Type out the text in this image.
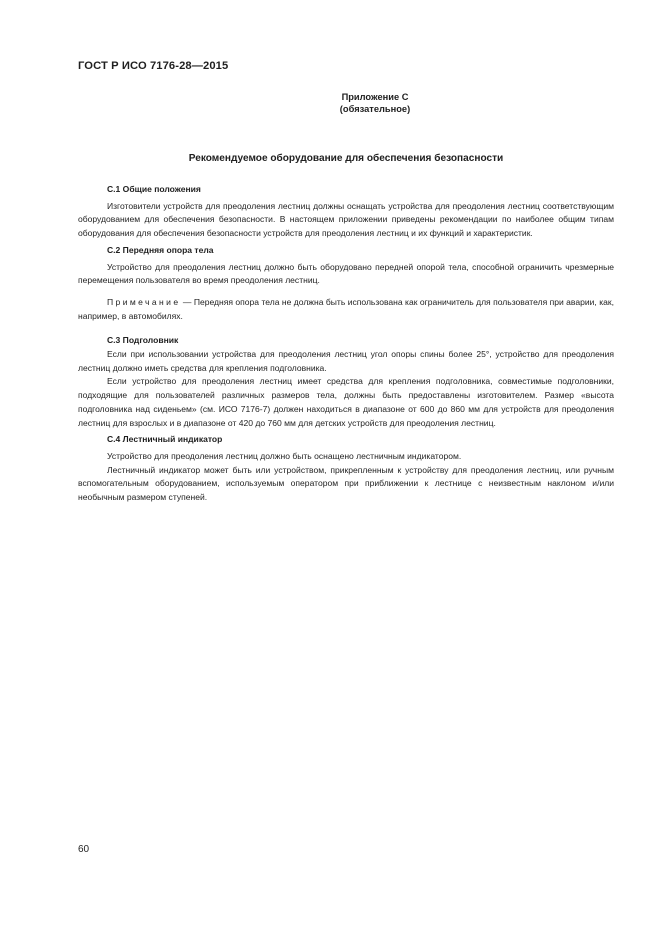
ГОСТ Р ИСО 7176-28—2015
Приложение С
(обязательное)
Рекомендуемое оборудование для обеспечения безопасности
С.1 Общие положения

Изготовители устройств для преодоления лестниц должны оснащать устройства для преодоления лестниц соответствующим оборудованием для обеспечения безопасности. В настоящем приложении приведены рекомендации по наиболее общим типам оборудования для обеспечения безопасности устройств для преодоления лестниц и их функций и характеристик.

С.2 Передняя опора тела

Устройство для преодоления лестниц должно быть оборудовано передней опорой тела, способной ограничить чрезмерные перемещения пользователя во время преодоления лестниц.

Примечание — Передняя опора тела не должна быть использована как ограничитель для пользователя при аварии, как, например, в автомобилях.

С.3 Подголовник

Если при использовании устройства для преодоления лестниц угол опоры спины более 25°, устройство для преодоления лестниц должно иметь средства для крепления подголовника.

Если устройство для преодоления лестниц имеет средства для крепления подголовника, совместимые подголовники, подходящие для пользователей различных размеров тела, должны быть предоставлены изготовителем. Размер «высота подголовника над сиденьем» (см. ИСО 7176-7) должен находиться в диапазоне от 600 до 860 мм для устройств для преодоления лестниц для взрослых и в диапазоне от 420 до 760 мм для детских устройств для преодоления лестниц.

С.4 Лестничный индикатор

Устройство для преодоления лестниц должно быть оснащено лестничным индикатором.

Лестничный индикатор может быть или устройством, прикрепленным к устройству для преодоления лестниц, или ручным вспомогательным оборудованием, используемым оператором при приближении к лестнице с неизвестным наклоном и/или необычным размером ступеней.

60
